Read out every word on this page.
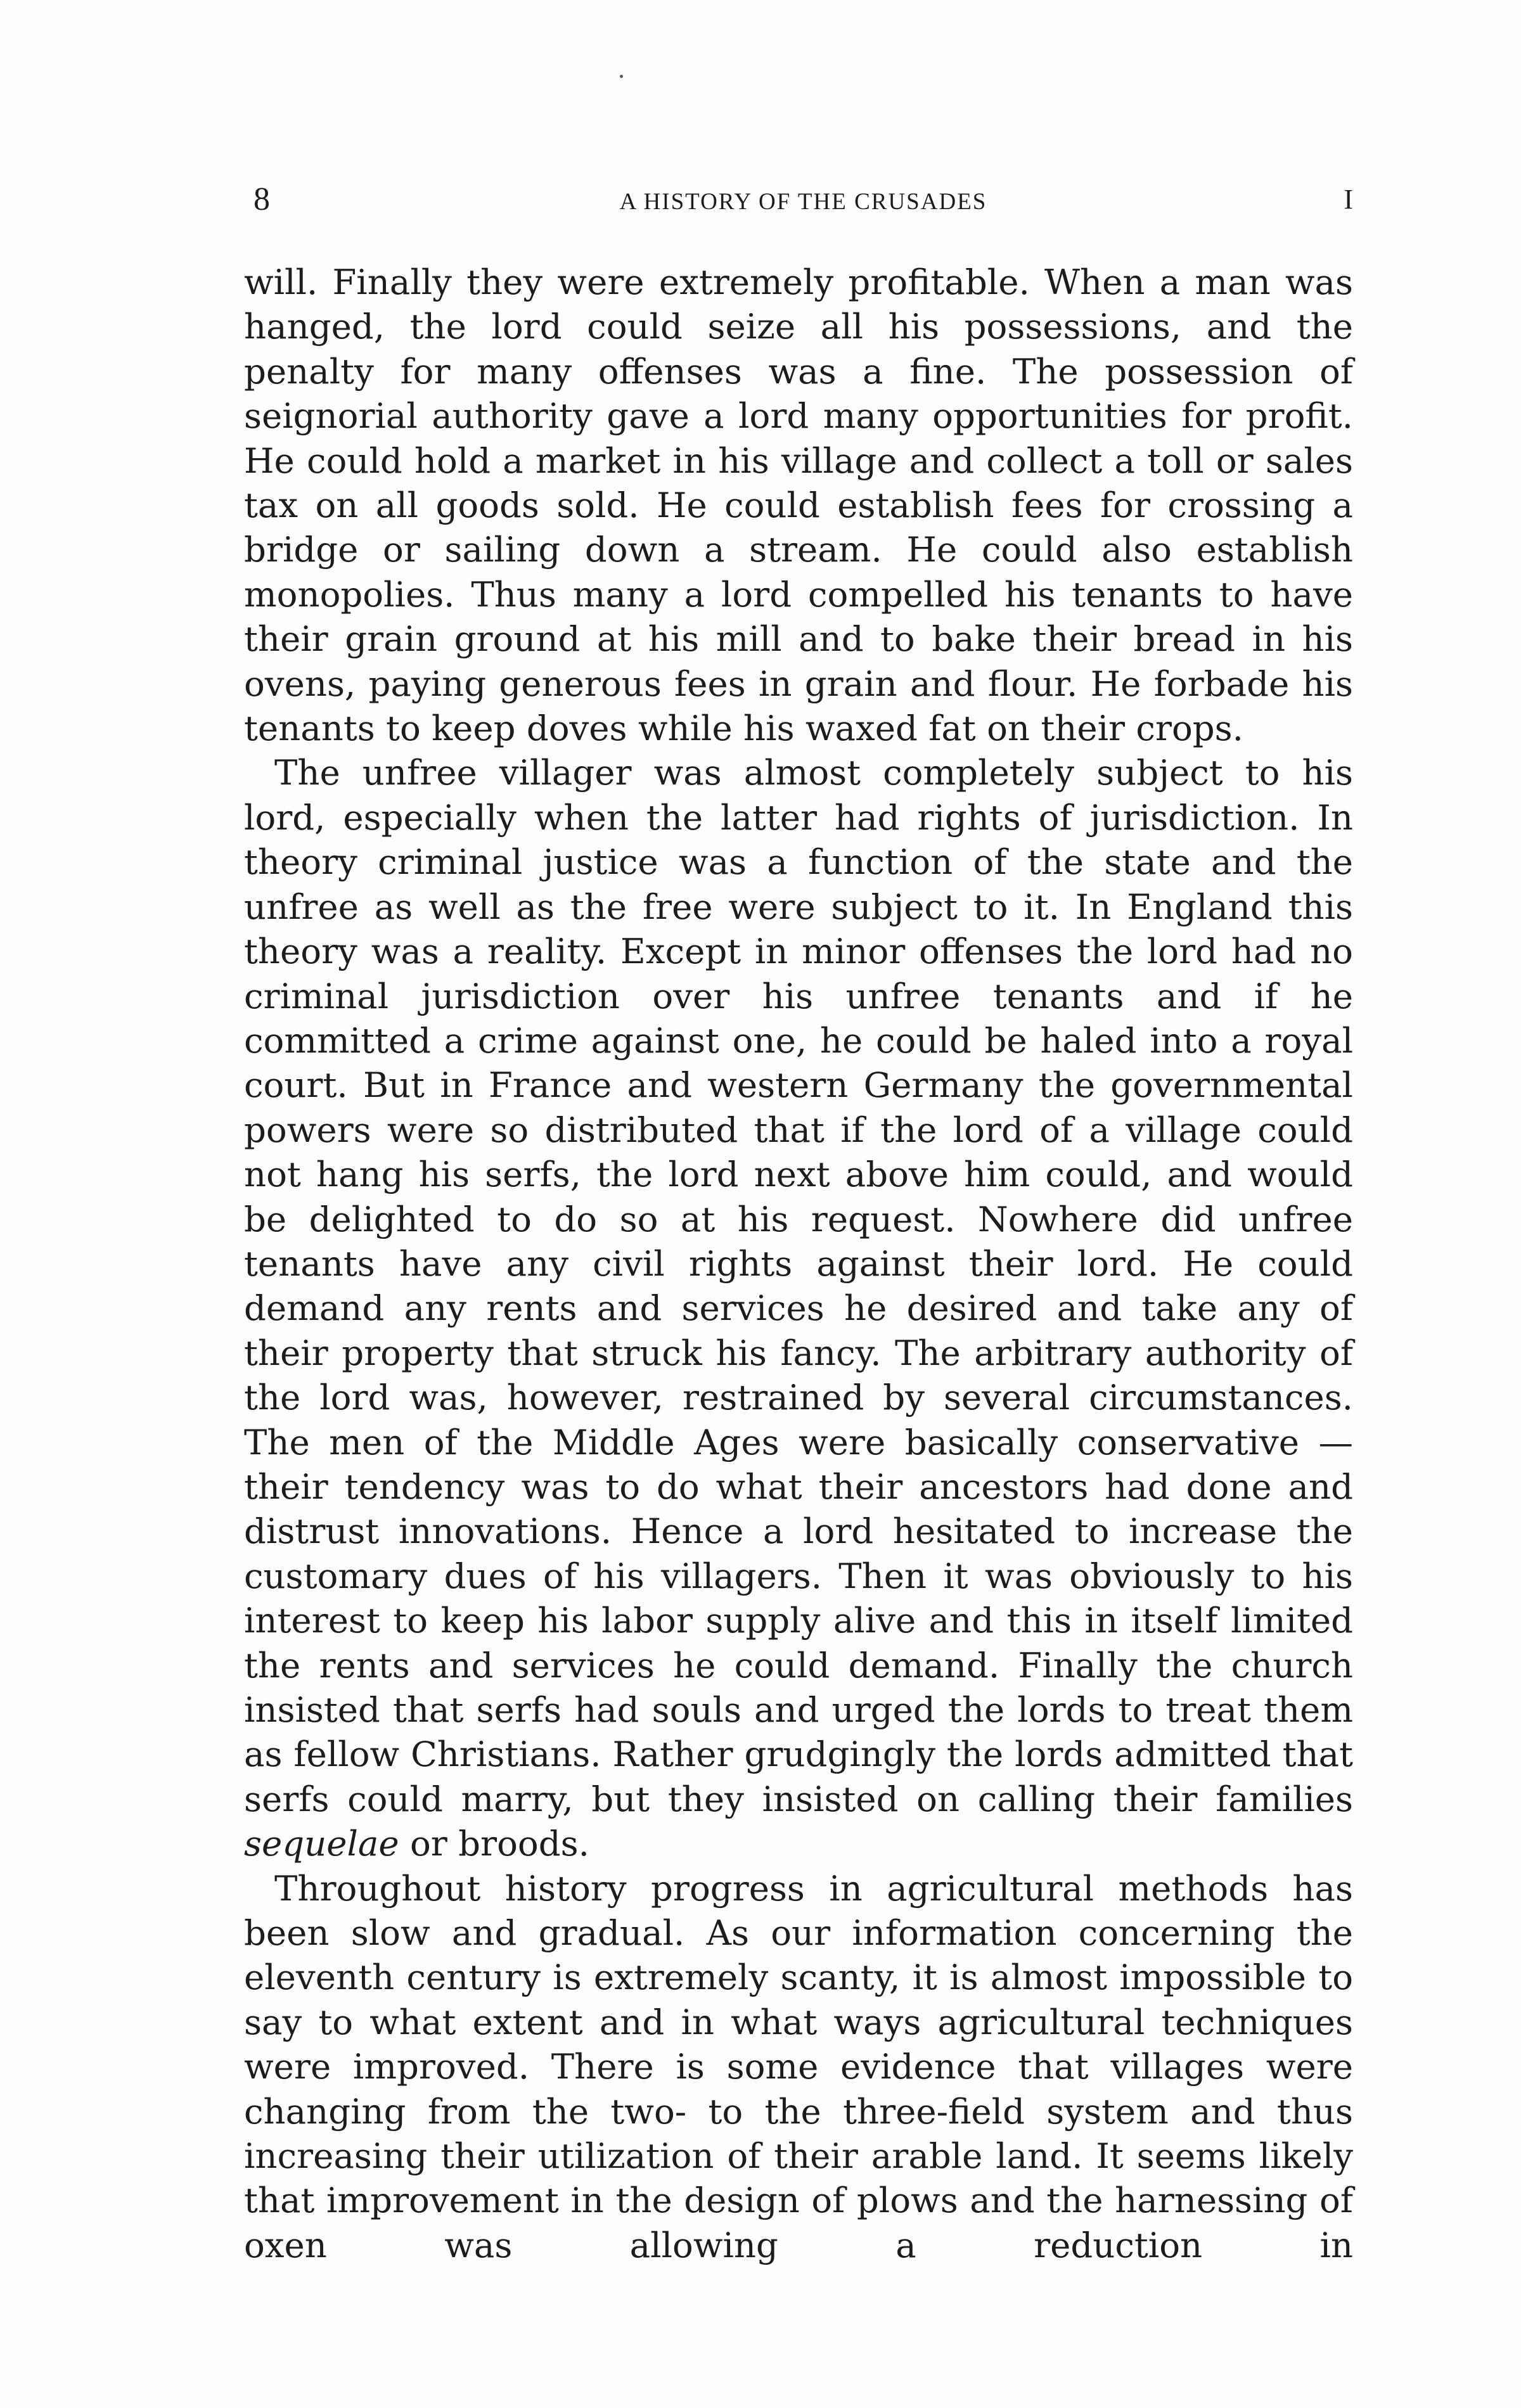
8	A HISTORY OF THE CRUSADES	I

will. Finally they were extremely profitable. When a man was hanged, the lord could seize all his possessions, and the penalty for many offenses was a fine. The possession of seignorial authority gave a lord many opportunities for profit. He could hold a market in his village and collect a toll or sales tax on all goods sold. He could establish fees for crossing a bridge or sailing down a stream. He could also establish monopolies. Thus many a lord compelled his tenants to have their grain ground at his mill and to bake their bread in his ovens, paying generous fees in grain and flour. He forbade his tenants to keep doves while his waxed fat on their crops.

The unfree villager was almost completely subject to his lord, especially when the latter had rights of jurisdiction. In theory criminal justice was a function of the state and the unfree as well as the free were subject to it. In England this theory was a reality. Except in minor offenses the lord had no criminal jurisdiction over his unfree tenants and if he committed a crime against one, he could be haled into a royal court. But in France and western Germany the governmental powers were so distributed that if the lord of a village could not hang his serfs, the lord next above him could, and would be delighted to do so at his request. Nowhere did unfree tenants have any civil rights against their lord. He could demand any rents and services he desired and take any of their property that struck his fancy. The arbitrary authority of the lord was, however, restrained by several circumstances. The men of the Middle Ages were basically conservative — their tendency was to do what their ancestors had done and distrust innovations. Hence a lord hesitated to increase the customary dues of his villagers. Then it was obviously to his interest to keep his labor supply alive and this in itself limited the rents and services he could demand. Finally the church insisted that serfs had souls and urged the lords to treat them as fellow Christians. Rather grudgingly the lords admitted that serfs could marry, but they insisted on calling their families sequelae or broods.

Throughout history progress in agricultural methods has been slow and gradual. As our information concerning the eleventh century is extremely scanty, it is almost impossible to say to what extent and in what ways agricultural techniques were improved. There is some evidence that villages were changing from the two- to the three-field system and thus increasing their utilization of their arable land. It seems likely that improvement in the design of plows and the harnessing of oxen was allowing a reduction in
